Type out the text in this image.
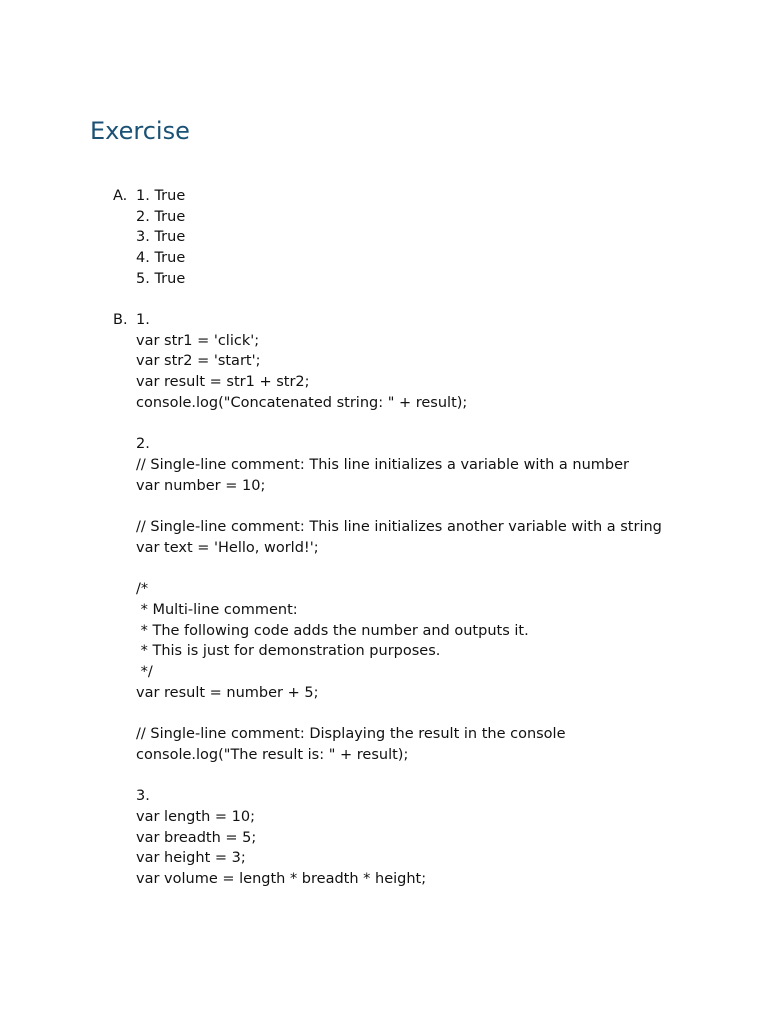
Exercise
A. 1. True
2. True
3. True
4. True
5. True
B. 1.
var str1 = 'click';
var str2 = 'start';
var result = str1 + str2;
console.log("Concatenated string: " + result);
2.
// Single-line comment: This line initializes a variable with a number
var number = 10;
// Single-line comment: This line initializes another variable with a string
var text = 'Hello, world!';
/*
* Multi-line comment:
* The following code adds the number and outputs it.
* This is just for demonstration purposes.
*/
var result = number + 5;
// Single-line comment: Displaying the result in the console
console.log("The result is: " + result);
3.
var length = 10;
var breadth = 5;
var height = 3;
var volume = length * breadth * height;
